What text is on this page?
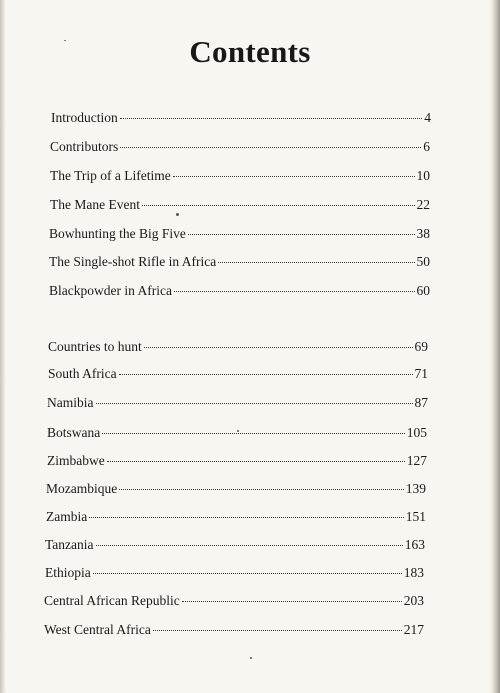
Contents
Introduction	4
Contributors	6
The Trip of a Lifetime	10
The Mane Event	22
Bowhunting the Big Five	38
The Single-shot Rifle in Africa	50
Blackpowder in Africa	60
Countries to hunt	69
South Africa	71
Namibia	87
Botswana	105
Zimbabwe	127
Mozambique	139
Zambia	151
Tanzania	163
Ethiopia	183
Central African Republic	203
West Central Africa	217
